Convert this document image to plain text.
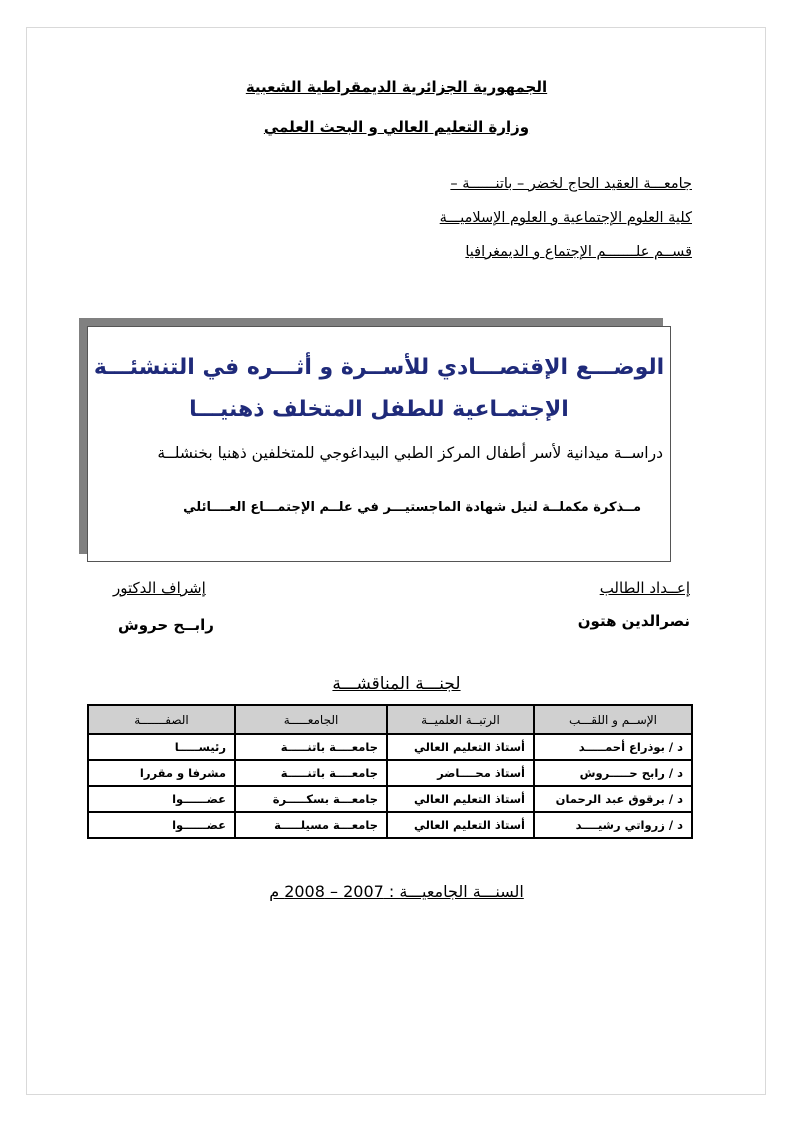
الجمهورية الجزائرية الديمقراطية الشعبية
وزارة التعليم العالي و البحث العلمي
جامعـــة العقيد الحاج لخضر – باتنــــــة –
كلية العلوم الإجتماعية و العلوم الإسلاميـــة
قســم علـــــــم الإجتماع و الديمغرافيا
الوضـــع الإقتصـــادي للأســرة و أثـــره في التنشئـــة
الإجتمـاعية للطفل المتخلف ذهنيـــا
دراســة ميدانية لأسر أطفال المركز الطبي البيداغوجي للمتخلفين ذهنيا بخنشلــة
مــذكرة مكملــة لنيل شهادة الماجستيـــر في علــم الإجتمـــاع العــــائلي
إعــداد الطالب
نصرالدين هتون
إشراف الدكتور
رابــح حروش
لجنـــة المناقشـــة
الإســم و اللقـــب	الرتبــة العلميــة	الجامعـــــة	الصفـــــــة
د / بوذراع أحمـــــد	أستاذ التعليم العالي	جامعــــة باتنـــــة	رئيســـــا
د / رابح حـــــروش	أستاذ محــــاضر	جامعــــة باتنـــــة	مشرفا و مقررا
د / برقوق عبد الرحمان	أستاذ التعليم العالي	جامعـــة بسكـــــرة	عضــــــوا
د / زرواتي رشيــــد	أستاذ التعليم العالي	جامعـــة مسيلـــــة	عضــــــوا
السنـــة الجامعيـــة : 2007 – 2008 م
